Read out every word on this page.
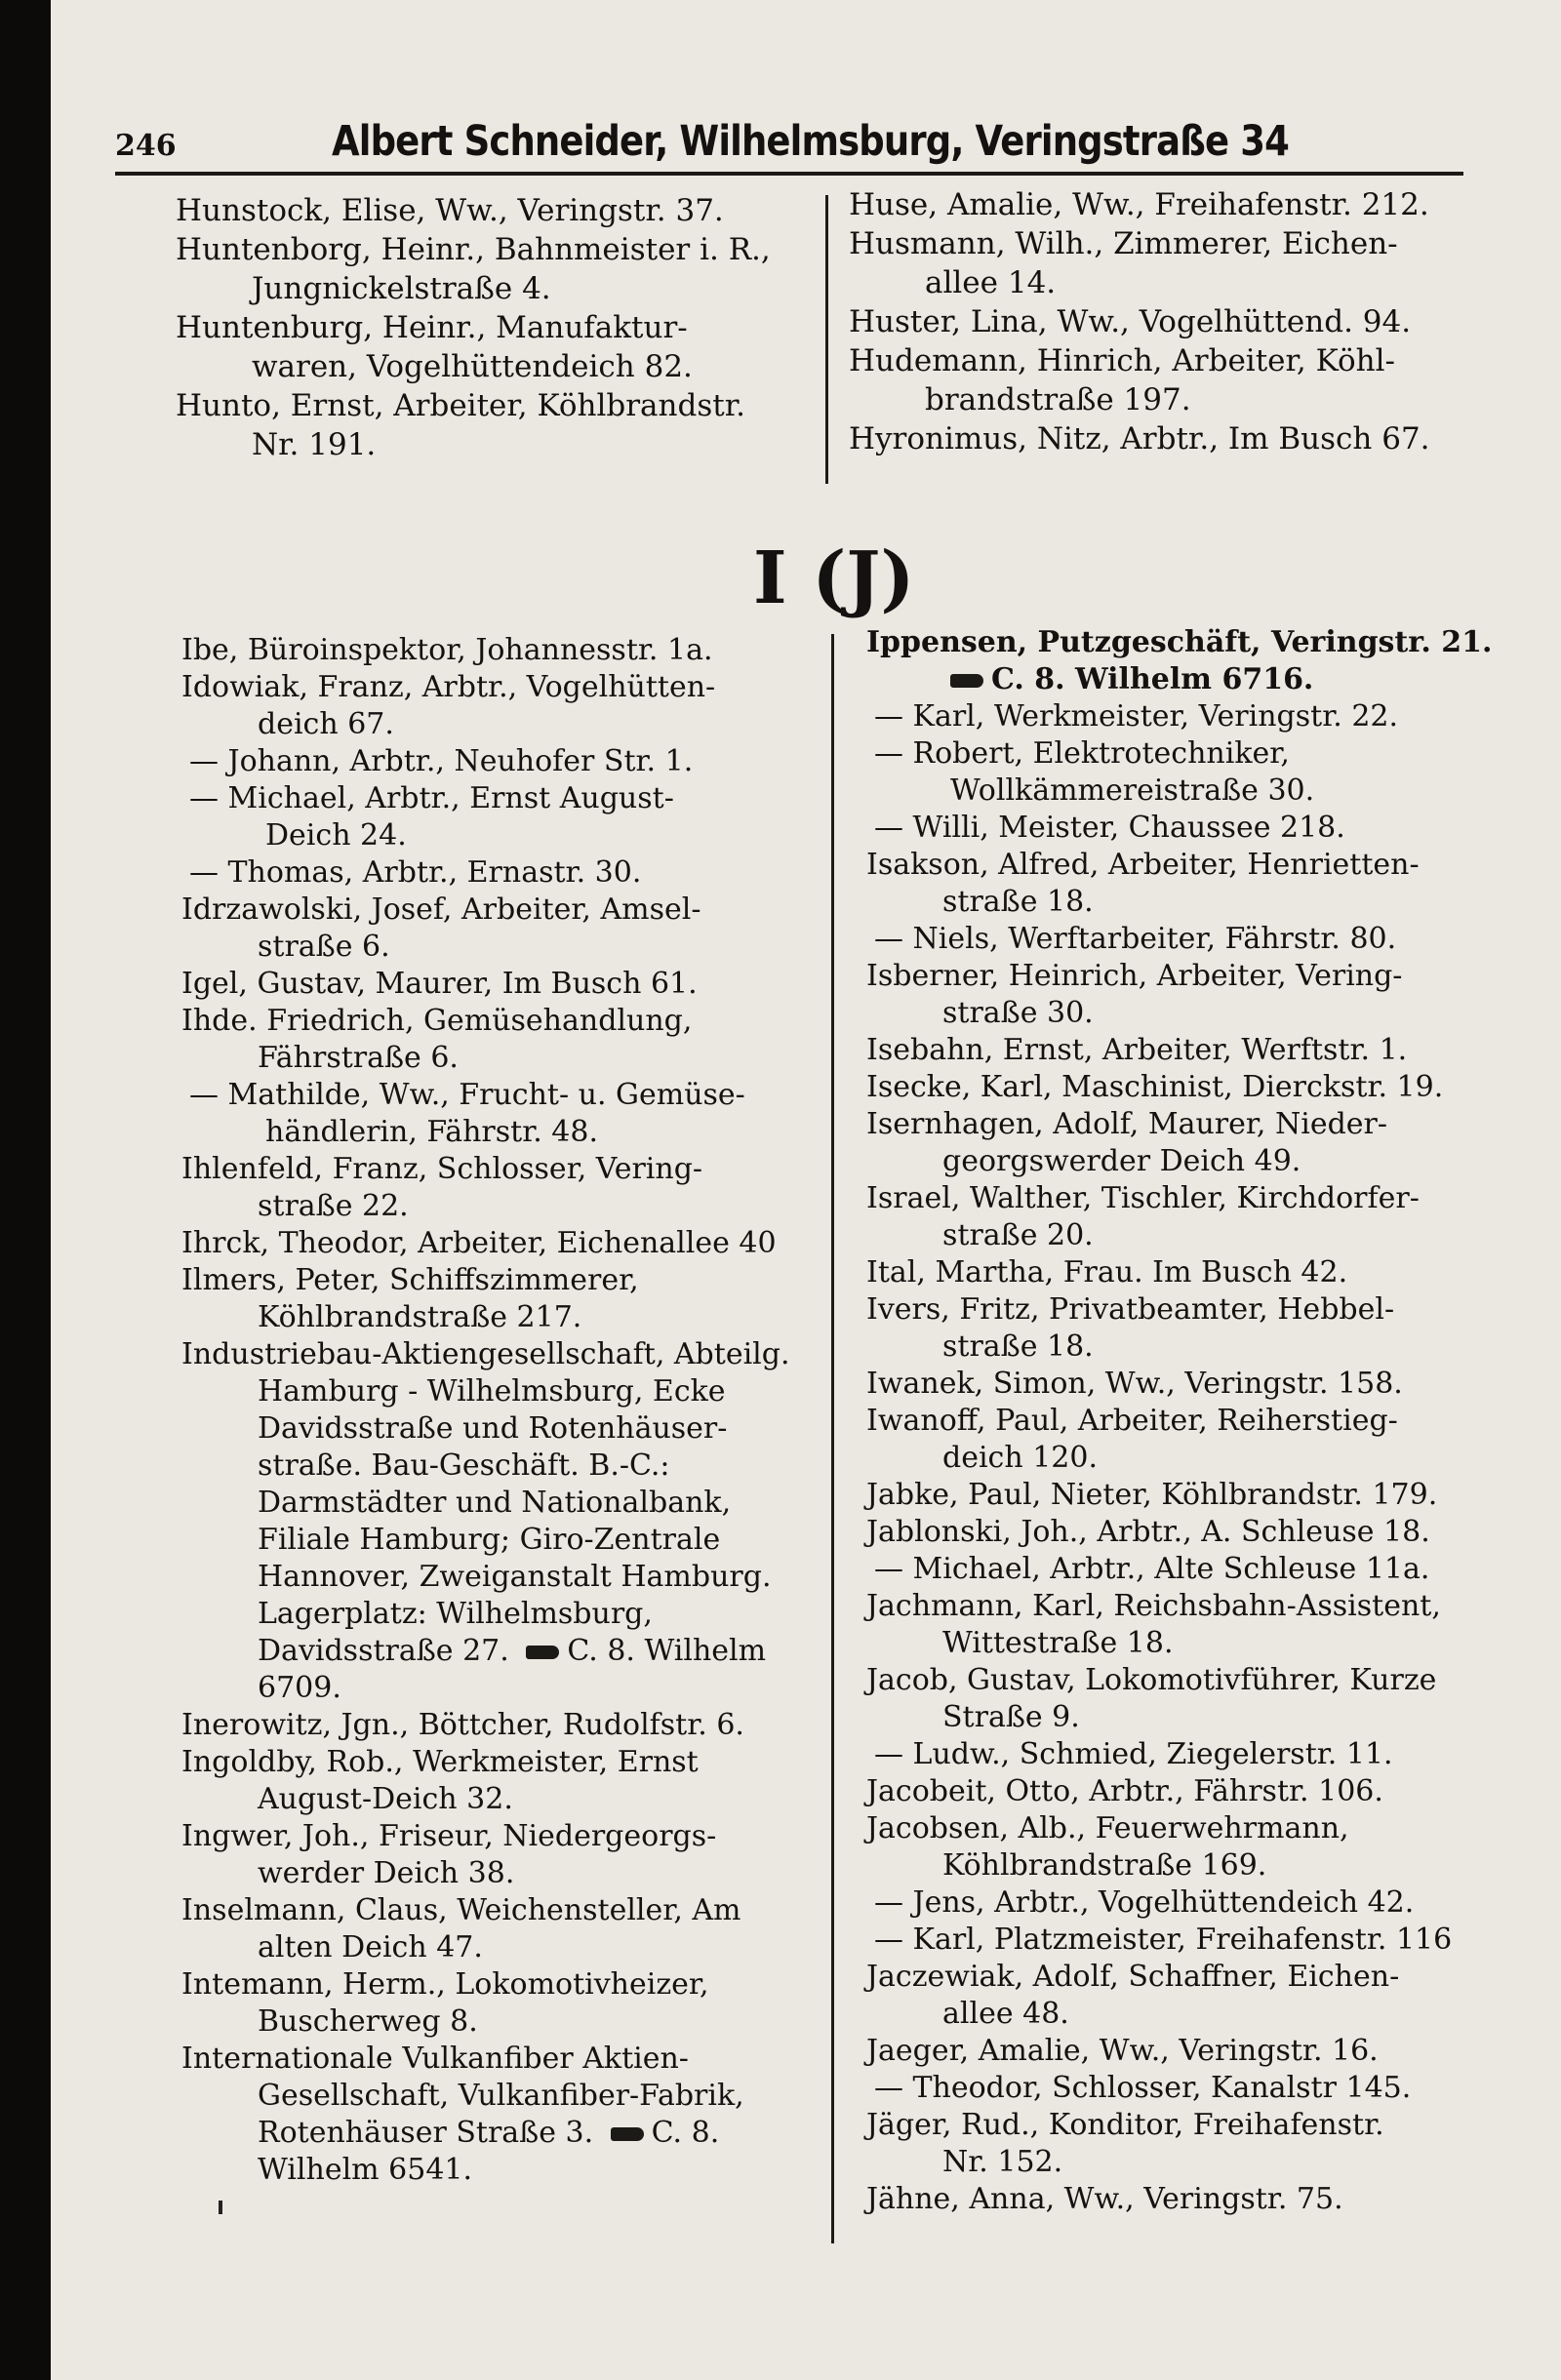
246	Albert Schneider, Wilhelmsburg, Veringstraße 34
Hunstock, Elise, Ww., Veringstr. 37.
Huntenborg, Heinr., Bahnmeister i. R.,
Jungnickelstraße 4.
Huntenburg, Heinr., Manufaktur-
waren, Vogelhüttendeich 82.
Hunto, Ernst, Arbeiter, Köhlbrandstr.
Nr. 191.
Huse, Amalie, Ww., Freihafenstr. 212.
Husmann, Wilh., Zimmerer, Eichen-
allee 14.
Huster, Lina, Ww., Vogelhüttend. 94.
Hudemann, Hinrich, Arbeiter, Köhl-
brandstraße 197.
Hyronimus, Nitz, Arbtr., Im Busch 67.
I (J)
Ibe, Büroinspektor, Johannesstr. 1a.
Idowiak, Franz, Arbtr., Vogelhütten-
deich 67.
— Johann, Arbtr., Neuhofer Str. 1.
— Michael, Arbtr., Ernst August-
Deich 24.
— Thomas, Arbtr., Ernastr. 30.
Idrzawolski, Josef, Arbeiter, Amsel-
straße 6.
Igel, Gustav, Maurer, Im Busch 61.
Ihde. Friedrich, Gemüsehandlung,
Fährstraße 6.
— Mathilde, Ww., Frucht- u. Gemüse-
händlerin, Fährstr. 48.
Ihlenfeld, Franz, Schlosser, Vering-
straße 22.
Ihrck, Theodor, Arbeiter, Eichenallee 40
Ilmers, Peter, Schiffszimmerer,
Köhlbrandstraße 217.
Industriebau-Aktiengesellschaft, Abteilg.
Hamburg - Wilhelmsburg, Ecke Davidsstraße und Rotenhäuser-straße. Bau-Geschäft. B.-C.: Darmstädter und Nationalbank, Filiale Hamburg; Giro-Zentrale Hannover, Zweiganstalt Hamburg. Lagerplatz: Wilhelmsburg, Davidsstraße 27. C. 8. Wilhelm 6709.
Inerowitz, Jgn., Böttcher, Rudolfstr. 6.
Ingoldby, Rob., Werkmeister, Ernst
August-Deich 32.
Ingwer, Joh., Friseur, Niedergeorgs-
werder Deich 38.
Inselmann, Claus, Weichensteller, Am
alten Deich 47.
Intemann, Herm., Lokomotivheizer,
Buscherweg 8.
Internationale Vulkanfiber Aktien-
Gesellschaft, Vulkanfiber-Fabrik, Rotenhäuser Straße 3. C. 8. Wilhelm 6541.
Ippensen, Putzgeschäft, Veringstr. 21.
C. 8. Wilhelm 6716.
— Karl, Werkmeister, Veringstr. 22.
— Robert, Elektrotechniker,
Wollkämmereistraße 30.
— Willi, Meister, Chaussee 218.
Isakson, Alfred, Arbeiter, Henrietten-
straße 18.
— Niels, Werftarbeiter, Fährstr. 80.
Isberner, Heinrich, Arbeiter, Vering-
straße 30.
Isebahn, Ernst, Arbeiter, Werftstr. 1.
Isecke, Karl, Maschinist, Dierckstr. 19.
Isernhagen, Adolf, Maurer, Nieder-
georgswerder Deich 49.
Israel, Walther, Tischler, Kirchdorfer-
straße 20.
Ital, Martha, Frau. Im Busch 42.
Ivers, Fritz, Privatbeamter, Hebbel-
straße 18.
Iwanek, Simon, Ww., Veringstr. 158.
Iwanoff, Paul, Arbeiter, Reiherstieg-
deich 120.
Jabke, Paul, Nieter, Köhlbrandstr. 179.
Jablonski, Joh., Arbtr., A. Schleuse 18.
— Michael, Arbtr., Alte Schleuse 11a.
Jachmann, Karl, Reichsbahn-Assistent,
Wittestraße 18.
Jacob, Gustav, Lokomotivführer, Kurze
Straße 9.
— Ludw., Schmied, Ziegelerstr. 11.
Jacobeit, Otto, Arbtr., Fährstr. 106.
Jacobsen, Alb., Feuerwehrmann,
Köhlbrandstraße 169.
— Jens, Arbtr., Vogelhüttendeich 42.
— Karl, Platzmeister, Freihafenstr. 116
Jaczewiak, Adolf, Schaffner, Eichen-
allee 48.
Jaeger, Amalie, Ww., Veringstr. 16.
— Theodor, Schlosser, Kanalstr 145.
Jäger, Rud., Konditor, Freihafenstr.
Nr. 152.
Jähne, Anna, Ww., Veringstr. 75.
